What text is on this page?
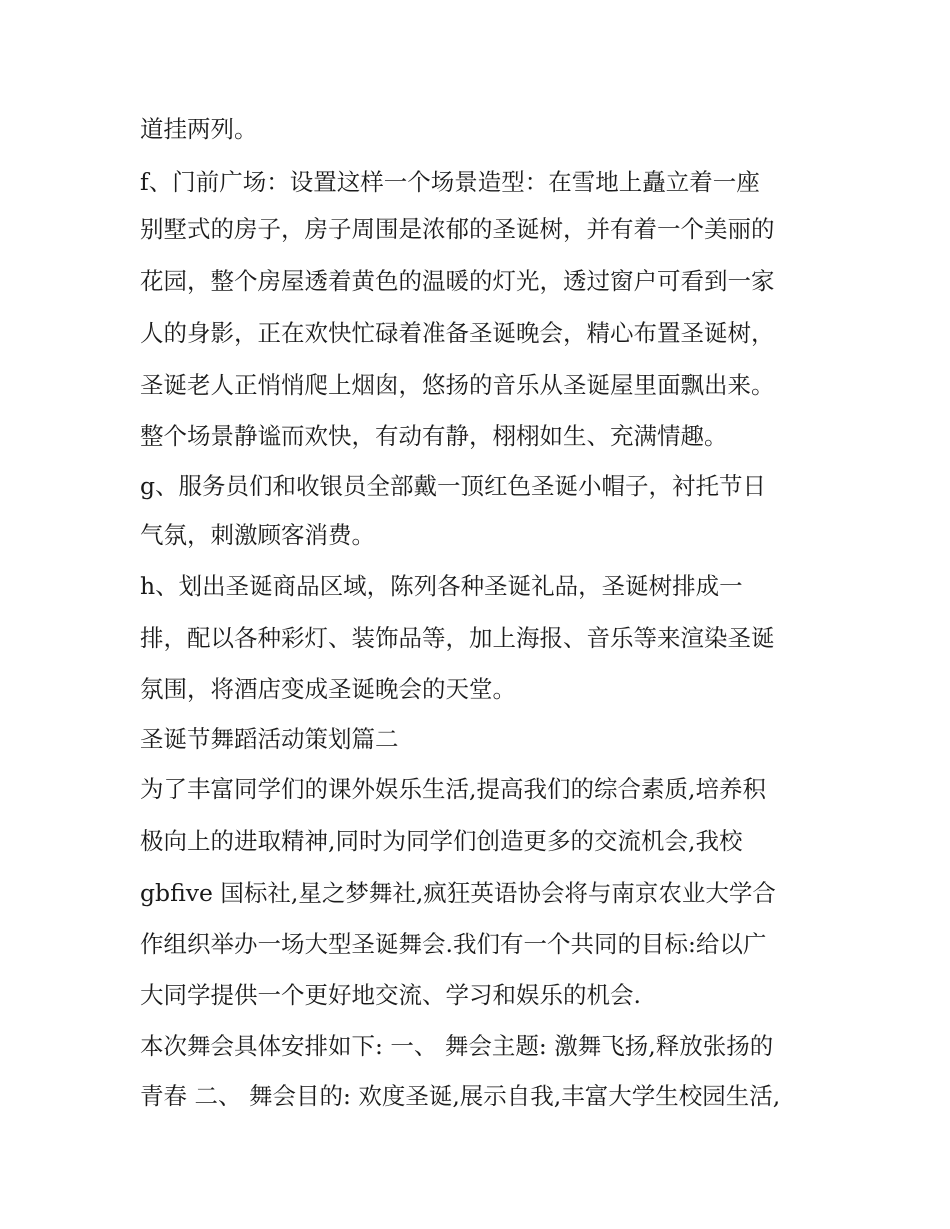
道挂两列。
f、门前广场：设置这样一个场景造型：在雪地上矗立着一座
别墅式的房子，房子周围是浓郁的圣诞树，并有着一个美丽的
花园，整个房屋透着黄色的温暖的灯光，透过窗户可看到一家
人的身影，正在欢快忙碌着准备圣诞晚会，精心布置圣诞树，
圣诞老人正悄悄爬上烟囱，悠扬的音乐从圣诞屋里面飘出来。
整个场景静谧而欢快，有动有静，栩栩如生、充满情趣。
g、服务员们和收银员全部戴一顶红色圣诞小帽子，衬托节日
气氛，刺激顾客消费。
h、划出圣诞商品区域，陈列各种圣诞礼品，圣诞树排成一
排，配以各种彩灯、装饰品等，加上海报、音乐等来渲染圣诞
氛围，将酒店变成圣诞晚会的天堂。
圣诞节舞蹈活动策划篇二
为了丰富同学们的课外娱乐生活,提高我们的综合素质,培养积
极向上的进取精神,同时为同学们创造更多的交流机会,我校
gbfive 国标社,星之梦舞社,疯狂英语协会将与南京农业大学合
作组织举办一场大型圣诞舞会.我们有一个共同的目标:给以广
大同学提供一个更好地交流、学习和娱乐的机会.
本次舞会具体安排如下: 一、 舞会主题: 激舞飞扬,释放张扬的
青春 二、 舞会目的: 欢度圣诞,展示自我,丰富大学生校园生活,
